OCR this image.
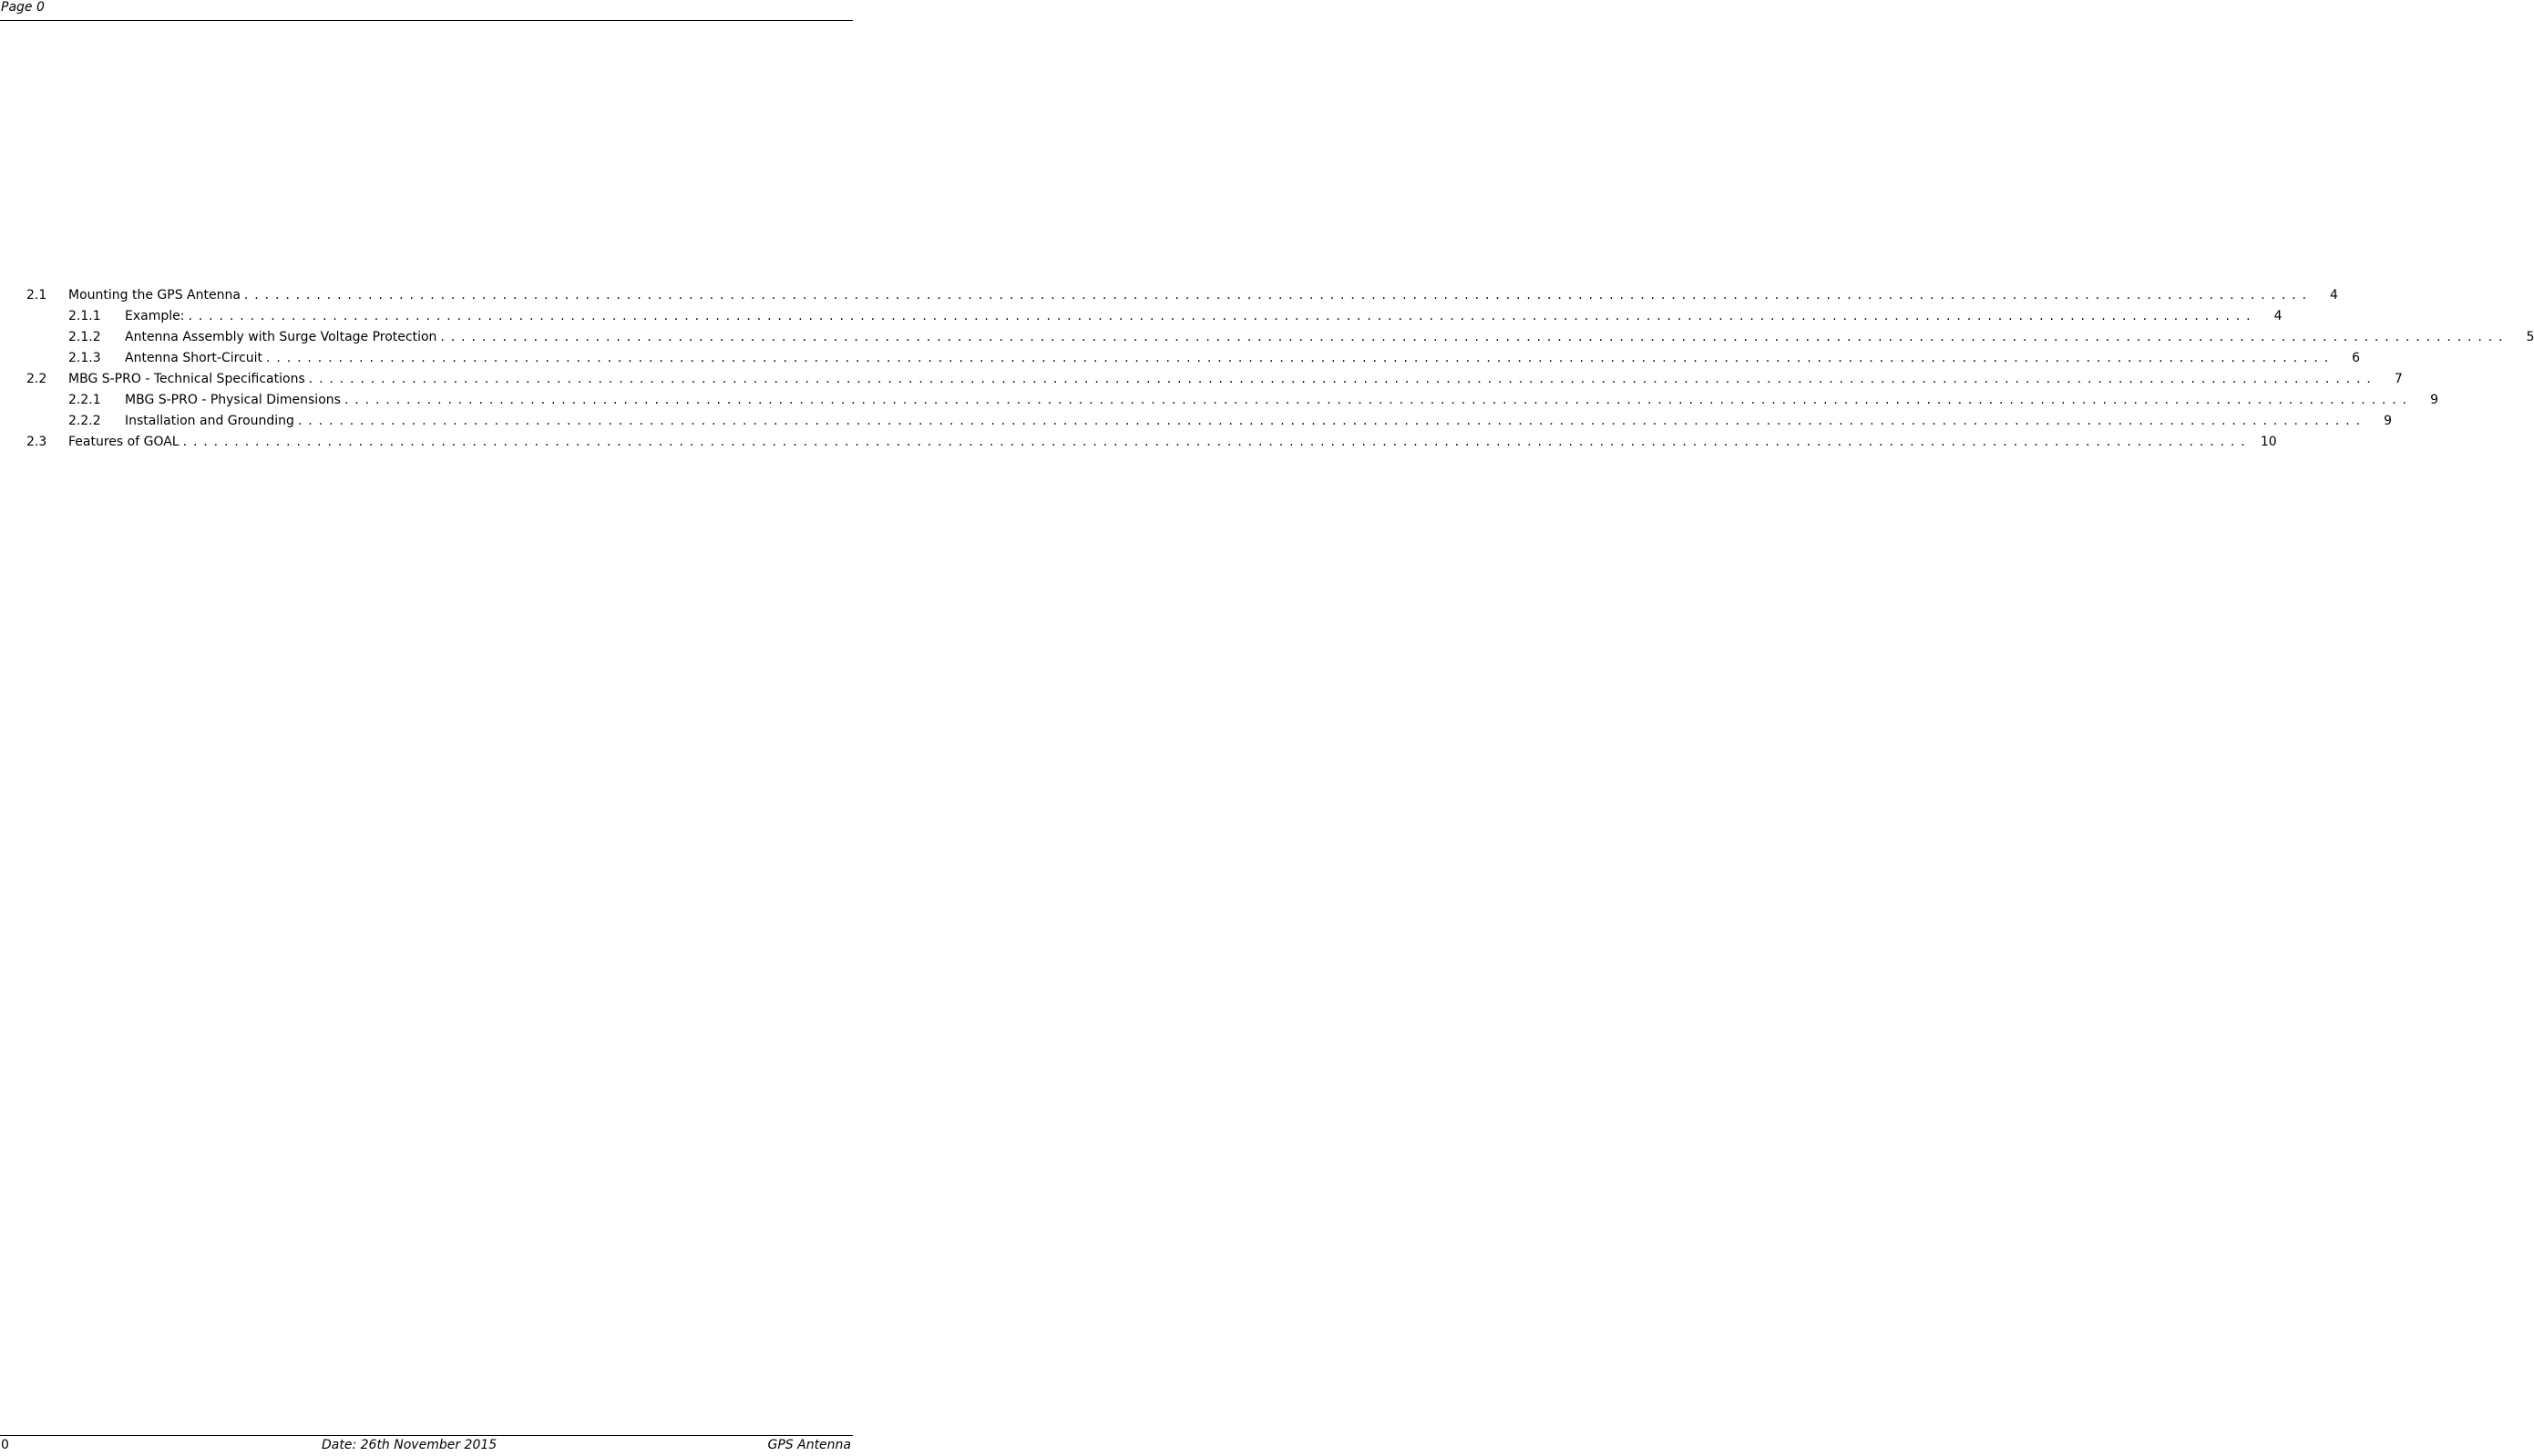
Page 0
2.1	Mounting the GPS Antenna ........................................................................................................................................................................................................	4
2.1.1	Example: ........................................................................................................................................................................................................	4
2.1.2	Antenna Assembly with Surge Voltage Protection ........................................................................................................................................................................................................	5
2.1.3	Antenna Short-Circuit ........................................................................................................................................................................................................	6
2.2	MBG S-PRO - Technical Specifications ........................................................................................................................................................................................................	7
2.2.1	MBG S-PRO - Physical Dimensions ........................................................................................................................................................................................................	9
2.2.2	Installation and Grounding ........................................................................................................................................................................................................	9
2.3	Features of GOAL ........................................................................................................................................................................................................ 10
0	Date: 26th November 2015	GPS Antenna
